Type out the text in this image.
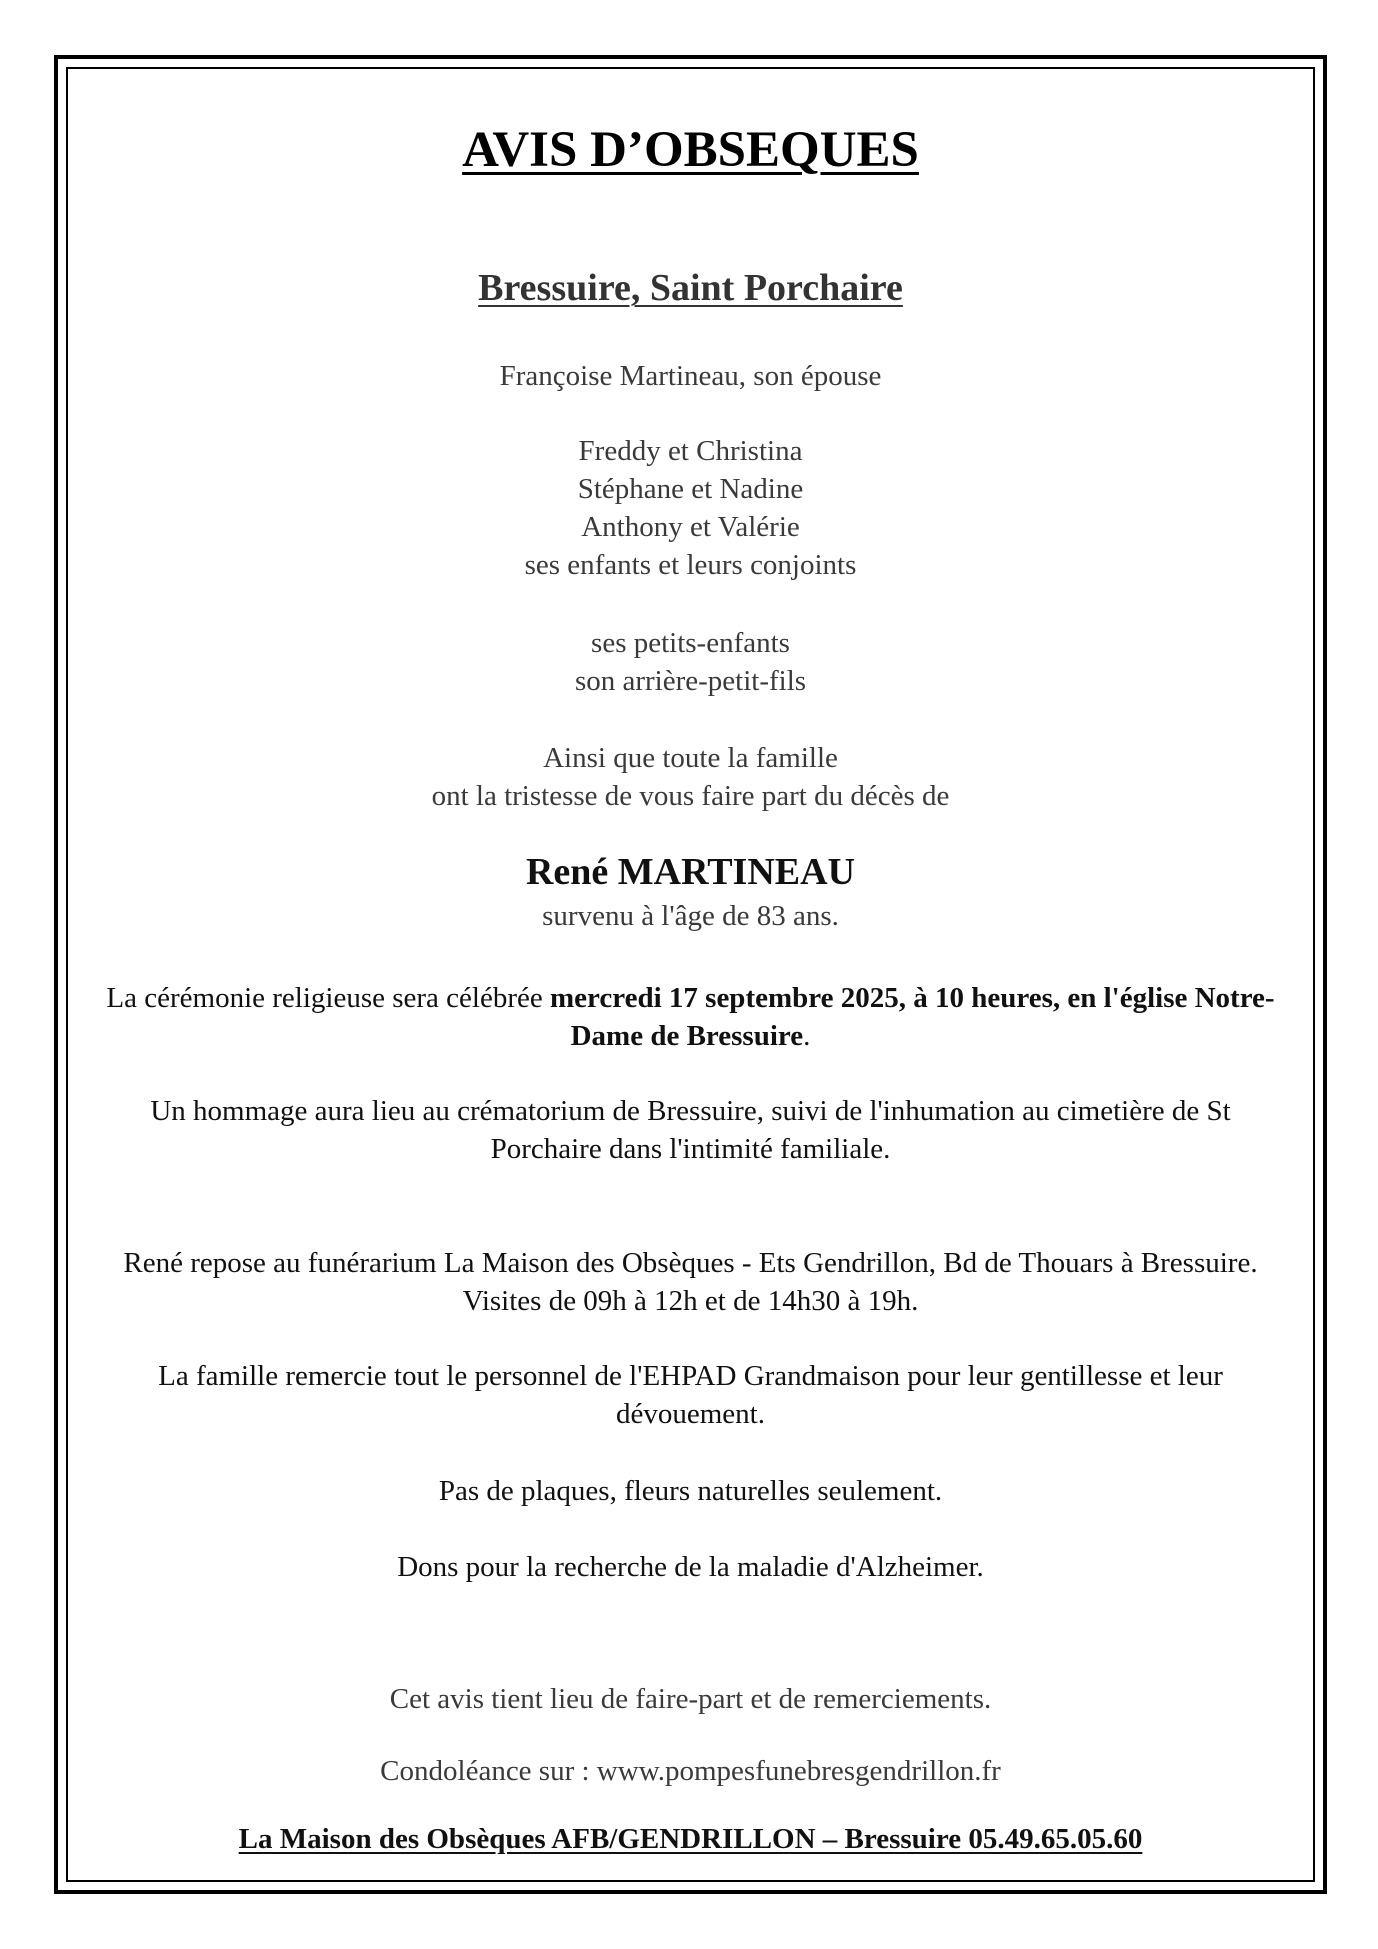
AVIS D’OBSEQUES
Bressuire, Saint Porchaire
Françoise Martineau, son épouse
Freddy et Christina
Stéphane et Nadine
Anthony et Valérie
ses enfants et leurs conjoints
ses petits-enfants
son arrière-petit-fils
Ainsi que toute la famille
ont la tristesse de vous faire part du décès de
René MARTINEAU
survenu à l'âge de 83 ans.
La cérémonie religieuse sera célébrée mercredi 17 septembre 2025, à 10 heures, en l'église Notre-Dame de Bressuire.
Un hommage aura lieu au crématorium de Bressuire, suivi de l'inhumation au cimetière de St Porchaire dans l'intimité familiale.
René repose au funérarium La Maison des Obsèques - Ets Gendrillon, Bd de Thouars à Bressuire. Visites de 09h à 12h et de 14h30 à 19h.
La famille remercie tout le personnel de l'EHPAD Grandmaison pour leur gentillesse et leur dévouement.
Pas de plaques, fleurs naturelles seulement.
Dons pour la recherche de la maladie d'Alzheimer.
Cet avis tient lieu de faire-part et de remerciements.
Condoléance sur : www.pompesfunebresgendrillon.fr
La Maison des Obsèques AFB/GENDRILLON – Bressuire 05.49.65.05.60
